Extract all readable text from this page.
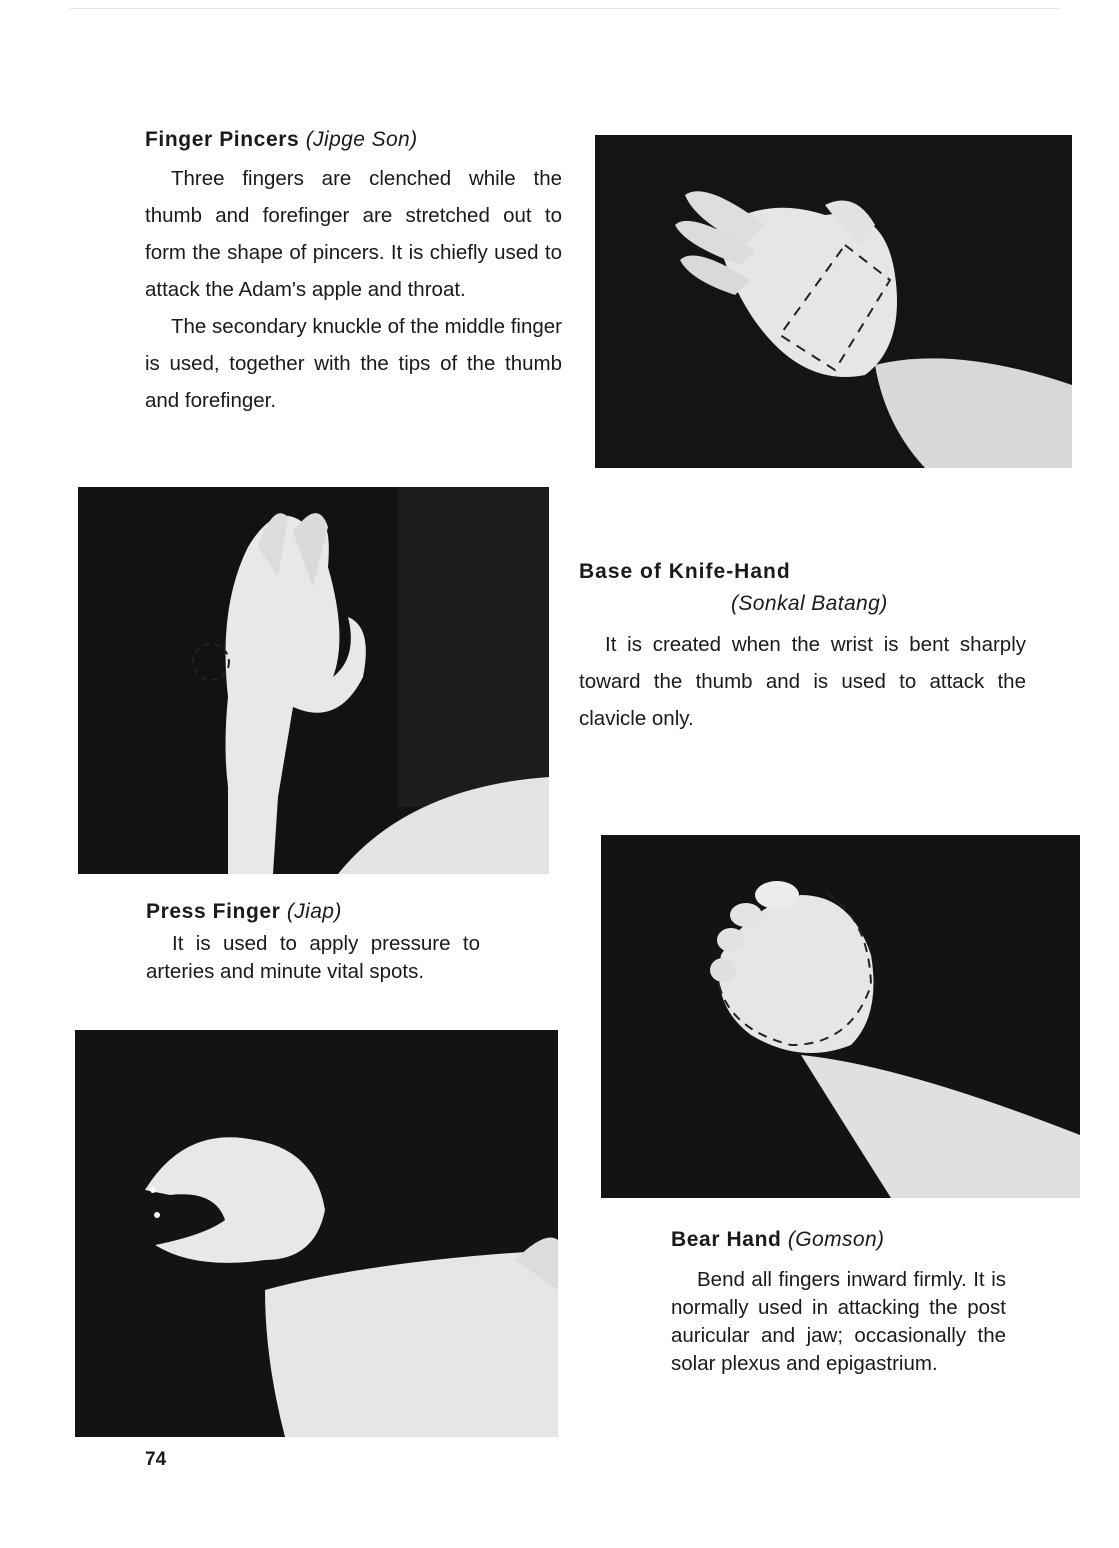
Finger Pincers (Jipge Son)

Three fingers are clenched while the thumb and forefinger are stretched out to form the shape of pincers. It is chiefly used to attack the Adam's apple and throat.

The secondary knuckle of the middle finger is used, together with the tips of the thumb and forefinger.

Base of Knife-Hand
(Sonkal Batang)

It is created when the wrist is bent sharply toward the thumb and is used to attack the clavicle only.

Press Finger (Jiap)

It is used to apply pressure to arteries and minute vital spots.

Bear Hand (Gomson)

Bend all fingers inward firmly. It is normally used in attacking the post auricular and jaw; occasionally the solar plexus and epigastrium.

74
